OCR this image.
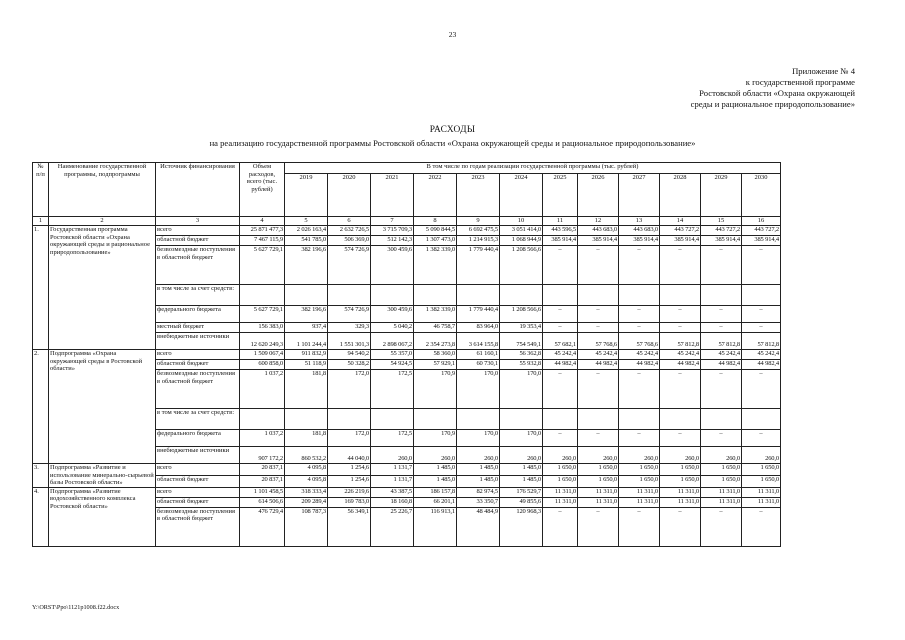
23
Приложение № 4
к государственной программе
Ростовской области «Охрана окружающей
среды и рациональное природопользование»
РАСХОДЫ
на реализацию государственной программы Ростовской области «Охрана окружающей среды и рациональное природопользование»
№ п/п	Наименование государственной программы, подпрограммы	Источник финансирования	Объем расходов, всего (тыс. рублей)	В том числе по годам реализации государственной программы (тыс. рублей)											
				2019	2020	2021	2022	2023	2024	2025	2026	2027	2028	2029	2030
1	2	3	4	5	6	7	8	9	10	11	12	13	14	15	16
1.	Государственная программа Ростовской области «Охрана окружающей среды и рациональное природопользование»	всего	25 871 477,3	2 026 163,4	2 632 726,5	3 715 709,3	5 090 844,5	6 692 475,5	3 051 414,0	443 596,5	443 683,0	443 683,0	443 727,2	443 727,2	443 727,2
		областной бюджет	7 467 115,9	541 785,0	506 369,0	512 142,3	1 307 473,0	1 214 915,3	1 068 944,9	385 914,4	385 914,4	385 914,4	385 914,4	385 914,4	385 914,4
		безвозмездные поступления в областной бюджет	5 627 729,1	382 196,6	574 726,9	300 459,6	1 382 339,0	1 779 440,4	1 208 566,6	–	–	–	–	–	–
		в том числе за счет средств:													
		федерального бюджета	5 627 729,1	382 196,6	574 726,9	300 459,6	1 382 339,0	1 779 440,4	1 208 566,6	–	–	–	–	–	–
		местный бюджет	156 383,0	937,4	329,3	5 040,2	46 758,7	83 964,0	19 353,4	–	–	–	–	–	–
		внебюджетные источники	12 620 249,3	1 101 244,4	1 551 301,3	2 898 067,2	2 354 273,8	3 614 155,8	754 549,1	57 682,1	57 768,6	57 768,6	57 812,8	57 812,8	57 812,8
2.	Подпрограмма «Охрана окружающей среды в Ростовской области»	всего	1 509 067,4	911 832,9	94 540,2	55 357,0	58 360,0	61 160,1	56 362,8	45 242,4	45 242,4	45 242,4	45 242,4	45 242,4	45 242,4
		областной бюджет	600 858,0	51 118,9	50 328,2	54 924,5	57 929,1	60 730,1	55 932,8	44 982,4	44 982,4	44 982,4	44 982,4	44 982,4	44 982,4
		безвозмездные поступления в областной бюджет	1 037,2	181,8	172,0	172,5	170,9	170,0	170,0	–	–	–	–	–	–
		в том числе за счет средств:													
		федерального бюджета	1 037,2	181,8	172,0	172,5	170,9	170,0	170,0	–	–	–	–	–	–
		внебюджетные источники	907 172,2	860 532,2	44 040,0	260,0	260,0	260,0	260,0	260,0	260,0	260,0	260,0	260,0	260,0
3.	Подпрограмма «Развитие и использование минерально-сырьевой базы Ростовской области»	всего	20 837,1	4 095,8	1 254,6	1 131,7	1 485,0	1 485,0	1 485,0	1 650,0	1 650,0	1 650,0	1 650,0	1 650,0	1 650,0
		областной бюджет	20 837,1	4 095,8	1 254,6	1 131,7	1 485,0	1 485,0	1 485,0	1 650,0	1 650,0	1 650,0	1 650,0	1 650,0	1 650,0
4.	Подпрограмма «Развитие водохозяйственного комплекса Ростовской области»	всего	1 101 458,5	318 333,4	226 219,6	43 387,5	186 157,8	82 974,5	176 529,7	11 311,0	11 311,0	11 311,0	11 311,0	11 311,0	11 311,0
		областной бюджет	614 506,6	209 289,4	169 783,0	18 160,8	66 201,1	33 350,7	49 855,6	11 311,0	11 311,0	11 311,0	11 311,0	11 311,0	11 311,0
		безвозмездные поступления в областной бюджет	476 729,4	108 787,3	56 349,1	25 226,7	116 913,1	48 484,9	120 968,3	–	–	–	–	–	–
Y:\ORST\Ppo\1121p1008.f22.docx
